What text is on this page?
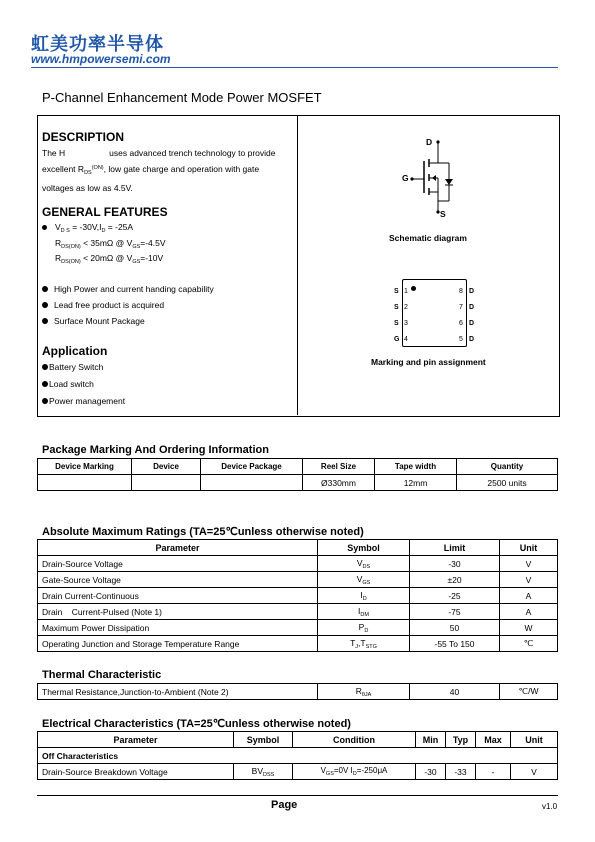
虹美功率半导体
www.hmpowersemi.com
P-Channel Enhancement Mode Power MOSFET
DESCRIPTION
The H	uses advanced trench technology to provide
excellent $R_{DS}^{(ON)}$, low gate charge and operation with gate
voltages as low as 4.5V.
GENERAL FEATURES
$V_{D S} = -30V,I_D = -25A$
$R_{DS(ON)} < 35m\Omega$ @ $V_{GS}=-4.5V$
$R_{DS(ON)} < 20m\Omega$ @ $V_{GS}=-10V$
High Power and current handing capability
Lead free product is acquired
Surface Mount Package
Application
Battery Switch
Load switch
Power management
D
G
S
Schematic diagram
S
S
S
G
1
2
3
4
8
7
6
5
D
D
D
D
Marking and pin assignment
Package Marking And Ordering Information
Device Marking	Device	Device Package	Reel Size	Tape width	Quantity
			Ø330mm	12mm	2500 units
Absolute Maximum Ratings (TA=25℃unless otherwise noted)
Parameter	Symbol	Limit	Unit
Drain-Source Voltage	$V_{DS}$	-30	V
Gate-Source Voltage	$V_{GS}$	±20	V
Drain Current-Continuous	$I_D$	-25	A
Drain    Current-Pulsed (Note 1)	$I_{DM}$	-75	A
Maximum Power Dissipation	$P_D$	50	W
Operating Junction and Storage Temperature Range	$T_J,T_{STG}$	-55 To 150	℃
Thermal Characteristic
Thermal Resistance,Junction-to-Ambient (Note 2)	$R_{\theta JA}$	40	℃/W
Electrical Characteristics (TA=25℃unless otherwise noted)
Parameter	Symbol	Condition	Min	Typ	Max	Unit
Off Characteristics						
Drain-Source Breakdown Voltage	$BV_{DSS}$	$V_{GS}=0V$ $I_D=-250\mu A$	-30	-33	-	V
Page	v1.0
